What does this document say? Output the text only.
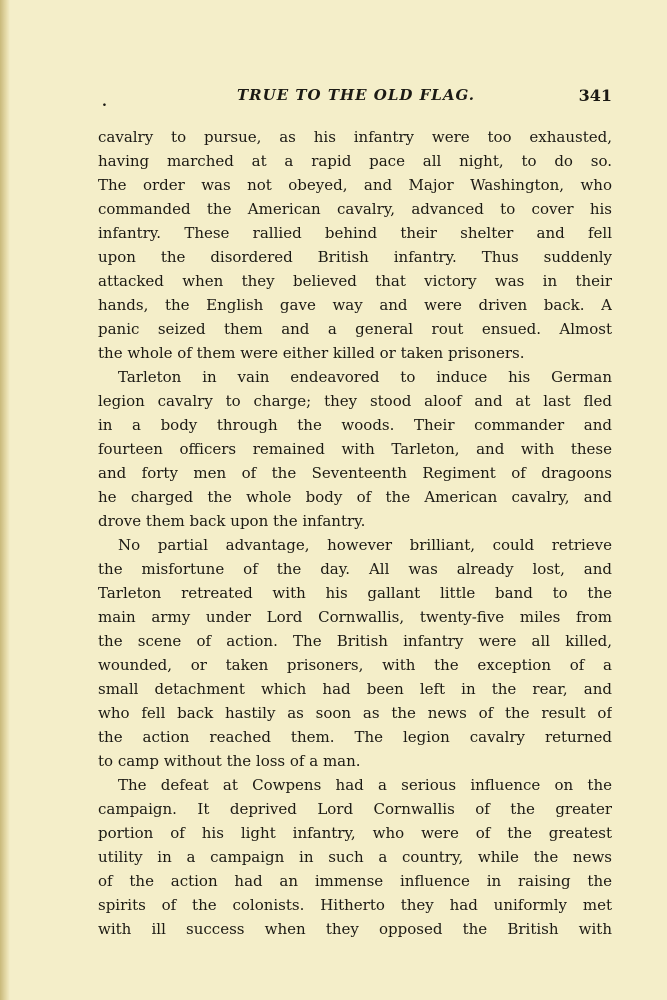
.	TRUE TO THE OLD FLAG.	341
cavalry to pursue, as his infantry were too exhausted,
having marched at a rapid pace all night, to do so.
The order was not obeyed, and Major Washington, who
commanded the American cavalry, advanced to cover his
infantry. These rallied behind their shelter and fell
upon the disordered British infantry. Thus suddenly
attacked when they believed that victory was in their
hands, the English gave way and were driven back. A
panic seized them and a general rout ensued. Almost
the whole of them were either killed or taken prisoners.
Tarleton in vain endeavored to induce his German
legion cavalry to charge; they stood aloof and at last fled
in a body through the woods. Their commander and
fourteen officers remained with Tarleton, and with these
and forty men of the Seventeenth Regiment of dragoons
he charged the whole body of the American cavalry, and
drove them back upon the infantry.
No partial advantage, however brilliant, could retrieve
the misfortune of the day. All was already lost, and
Tarleton retreated with his gallant little band to the
main army under Lord Cornwallis, twenty-five miles from
the scene of action. The British infantry were all killed,
wounded, or taken prisoners, with the exception of a
small detachment which had been left in the rear, and
who fell back hastily as soon as the news of the result of
the action reached them. The legion cavalry returned
to camp without the loss of a man.
The defeat at Cowpens had a serious influence on the
campaign. It deprived Lord Cornwallis of the greater
portion of his light infantry, who were of the greatest
utility in a campaign in such a country, while the news
of the action had an immense influence in raising the
spirits of the colonists. Hitherto they had uniformly met
with ill success when they opposed the British with
